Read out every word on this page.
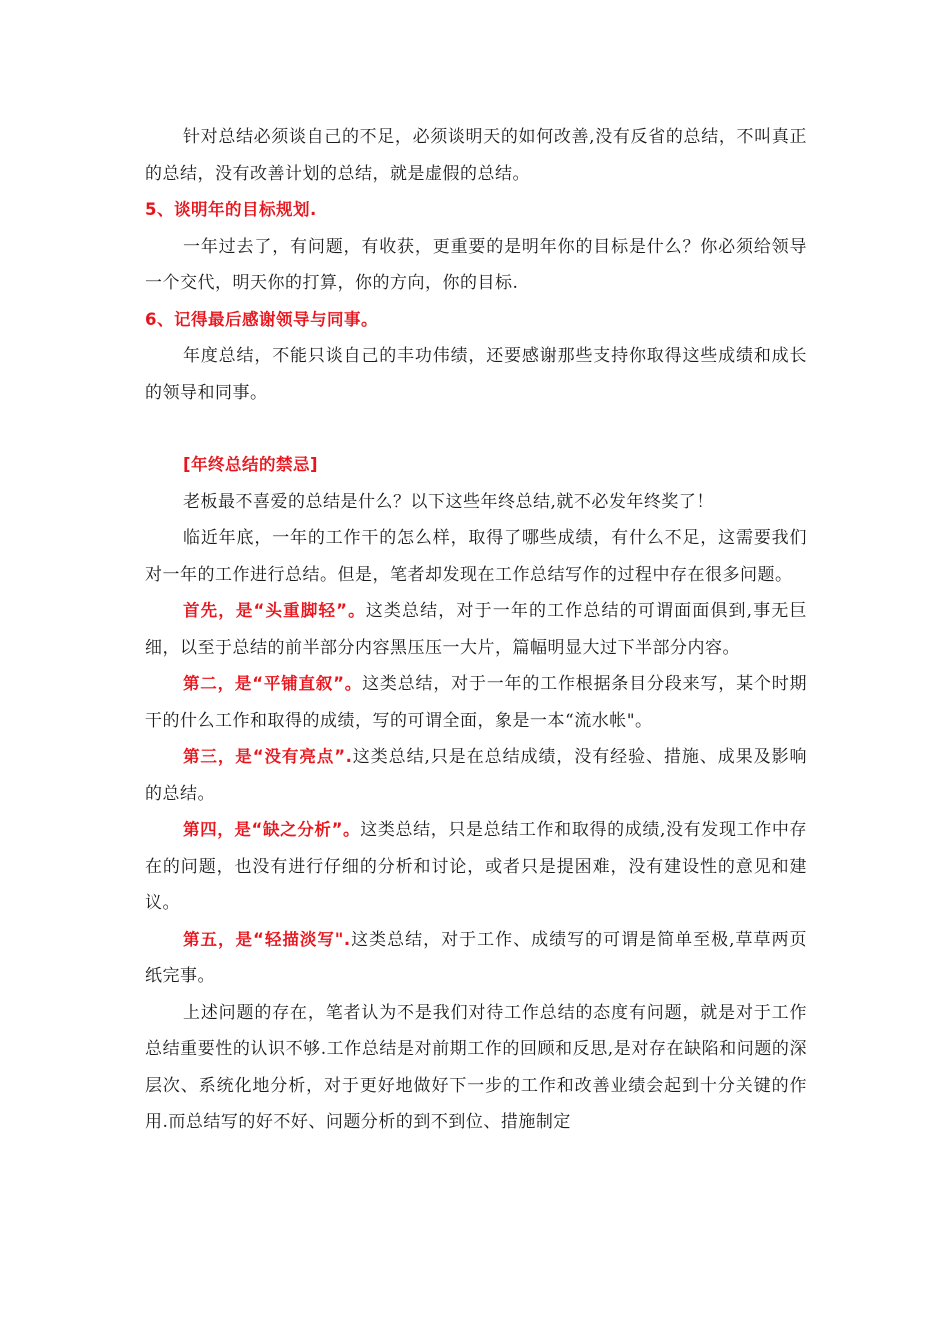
针对总结必须谈自己的不足，必须谈明天的如何改善,没有反省的总结，不叫真正的总结，没有改善计划的总结，就是虚假的总结。

5、谈明年的目标规划.

一年过去了，有问题，有收获，更重要的是明年你的目标是什么？你必须给领导一个交代，明天你的打算，你的方向，你的目标.

6、记得最后感谢领导与同事。

年度总结，不能只谈自己的丰功伟绩，还要感谢那些支持你取得这些成绩和成长的领导和同事。

[年终总结的禁忌]

老板最不喜爱的总结是什么？以下这些年终总结,就不必发年终奖了！

临近年底，一年的工作干的怎么样，取得了哪些成绩，有什么不足，这需要我们对一年的工作进行总结。但是，笔者却发现在工作总结写作的过程中存在很多问题。

首先，是“头重脚轻”。这类总结，对于一年的工作总结的可谓面面俱到,事无巨细，以至于总结的前半部分内容黑压压一大片，篇幅明显大过下半部分内容。

第二，是“平铺直叙”。这类总结，对于一年的工作根据条目分段来写，某个时期干的什么工作和取得的成绩，写的可谓全面，象是一本“流水帐"。

第三，是“没有亮点”.这类总结,只是在总结成绩，没有经验、措施、成果及影响的总结。

第四，是“缺之分析”。这类总结，只是总结工作和取得的成绩,没有发现工作中存在的问题，也没有进行仔细的分析和讨论，或者只是提困难，没有建设性的意见和建议。

第五，是“轻描淡写".这类总结，对于工作、成绩写的可谓是简单至极,草草两页纸完事。

上述问题的存在，笔者认为不是我们对待工作总结的态度有问题，就是对于工作总结重要性的认识不够.工作总结是对前期工作的回顾和反思,是对存在缺陷和问题的深层次、系统化地分析，对于更好地做好下一步的工作和改善业绩会起到十分关键的作用.而总结写的好不好、问题分析的到不到位、措施制定
